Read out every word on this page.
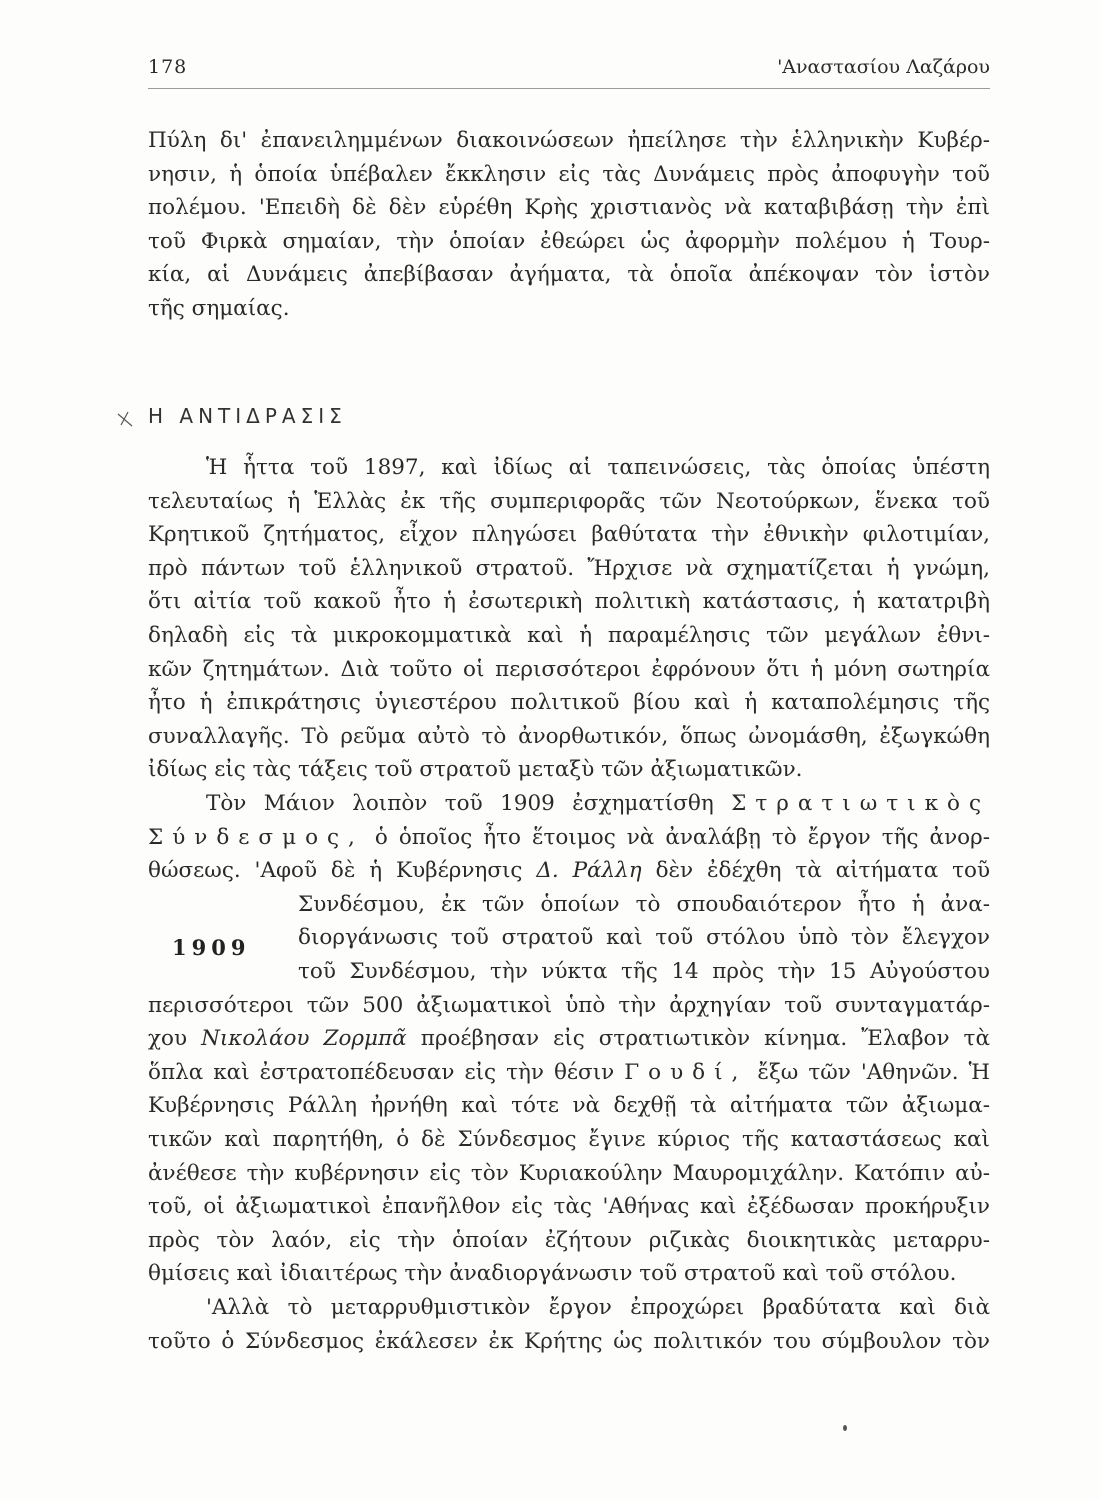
178	'Αναστασίου Λαζάρου
Πύλη δι' ἐπανειλημμένων διακοινώσεων ἠπείλησε τὴν ἑλληνικὴν Κυβέρ-
νησιν, ἡ ὁποία ὑπέβαλεν ἔκκλησιν εἰς τὰς Δυνάμεις πρὸς ἀποφυγὴν τοῦ
πολέμου. 'Επειδὴ δὲ δὲν εὑρέθη Κρὴς χριστιανὸς νὰ καταβιβάσῃ τὴν ἐπὶ
τοῦ Φιρκὰ σημαίαν, τὴν ὁποίαν ἐθεώρει ὡς ἀφορμὴν πολέμου ἡ Τουρ-
κία, αἱ Δυνάμεις ἀπεβίβασαν ἀγήματα, τὰ ὁποῖα ἀπέκοψαν τὸν ἱστὸν
τῆς σημαίας.
Η ΑΝΤΙΔΡΑΣΙΣ
Ἡ ἧττα τοῦ 1897, καὶ ἰδίως αἱ ταπεινώσεις, τὰς ὁποίας ὑπέστη
τελευταίως ἡ Ἑλλὰς ἐκ τῆς συμπεριφορᾶς τῶν Νεοτούρκων, ἕνεκα τοῦ
Κρητικοῦ ζητήματος, εἶχον πληγώσει βαθύτατα τὴν ἐθνικὴν φιλοτιμίαν,
πρὸ πάντων τοῦ ἑλληνικοῦ στρατοῦ. Ἤρχισε νὰ σχηματίζεται ἡ γνώμη,
ὅτι αἰτία τοῦ κακοῦ ἦτο ἡ ἐσωτερικὴ πολιτικὴ κατάστασις, ἡ κατατριβὴ
δηλαδὴ εἰς τὰ μικροκομματικὰ καὶ ἡ παραμέλησις τῶν μεγάλων ἐθνι-
κῶν ζητημάτων. Διὰ τοῦτο οἱ περισσότεροι ἐφρόνουν ὅτι ἡ μόνη σωτηρία
ἦτο ἡ ἐπικράτησις ὑγιεστέρου πολιτικοῦ βίου καὶ ἡ καταπολέμησις τῆς
συναλλαγῆς. Τὸ ρεῦμα αὐτὸ τὸ ἀνορθωτικόν, ὅπως ὠνομάσθη, ἐξωγκώθη
ἰδίως εἰς τὰς τάξεις τοῦ στρατοῦ μεταξὺ τῶν ἀξιωματικῶν.
Τὸν Μάιον λοιπὸν τοῦ 1909 ἐσχηματίσθη Στρατιωτικὸς
Σύνδεσμος, ὁ ὁποῖος ἦτο ἕτοιμος νὰ ἀναλάβῃ τὸ ἔργον τῆς ἀνορ-
θώσεως. 'Αφοῦ δὲ ἡ Κυβέρνησις Δ. Ράλλη δὲν ἐδέχθη τὰ αἰτήματα τοῦ
Συνδέσμου, ἐκ τῶν ὁποίων τὸ σπουδαιότερον ἦτο ἡ ἀνα-
διοργάνωσις τοῦ στρατοῦ καὶ τοῦ στόλου ὑπὸ τὸν ἔλεγχον
τοῦ Συνδέσμου, τὴν νύκτα τῆς 14 πρὸς τὴν 15 Αὐγούστου
περισσότεροι τῶν 500 ἀξιωματικοὶ ὑπὸ τὴν ἀρχηγίαν τοῦ συνταγματάρ-
χου Νικολάου Ζορμπᾶ προέβησαν εἰς στρατιωτικὸν κίνημα. Ἔλαβον τὰ
ὅπλα καὶ ἐστρατοπέδευσαν εἰς τὴν θέσιν Γουδί, ἔξω τῶν 'Αθηνῶν. Ἡ
Κυβέρνησις Ράλλη ἠρνήθη καὶ τότε νὰ δεχθῇ τὰ αἰτήματα τῶν ἀξιωμα-
τικῶν καὶ παρητήθη, ὁ δὲ Σύνδεσμος ἔγινε κύριος τῆς καταστάσεως καὶ
ἀνέθεσε τὴν κυβέρνησιν εἰς τὸν Κυριακούλην Μαυρομιχάλην. Κατόπιν αὐ-
τοῦ, οἱ ἀξιωματικοὶ ἐπανῆλθον εἰς τὰς 'Αθήνας καὶ ἐξέδωσαν προκήρυξιν
πρὸς τὸν λαόν, εἰς τὴν ὁποίαν ἐζήτουν ριζικὰς διοικητικὰς μεταρρυ-
θμίσεις καὶ ἰδιαιτέρως τὴν ἀναδιοργάνωσιν τοῦ στρατοῦ καὶ τοῦ στόλου.
'Αλλὰ τὸ μεταρρυθμιστικὸν ἔργον ἐπροχώρει βραδύτατα καὶ διὰ
τοῦτο ὁ Σύνδεσμος ἐκάλεσεν ἐκ Κρήτης ὡς πολιτικόν του σύμβουλον τὸν
1909
